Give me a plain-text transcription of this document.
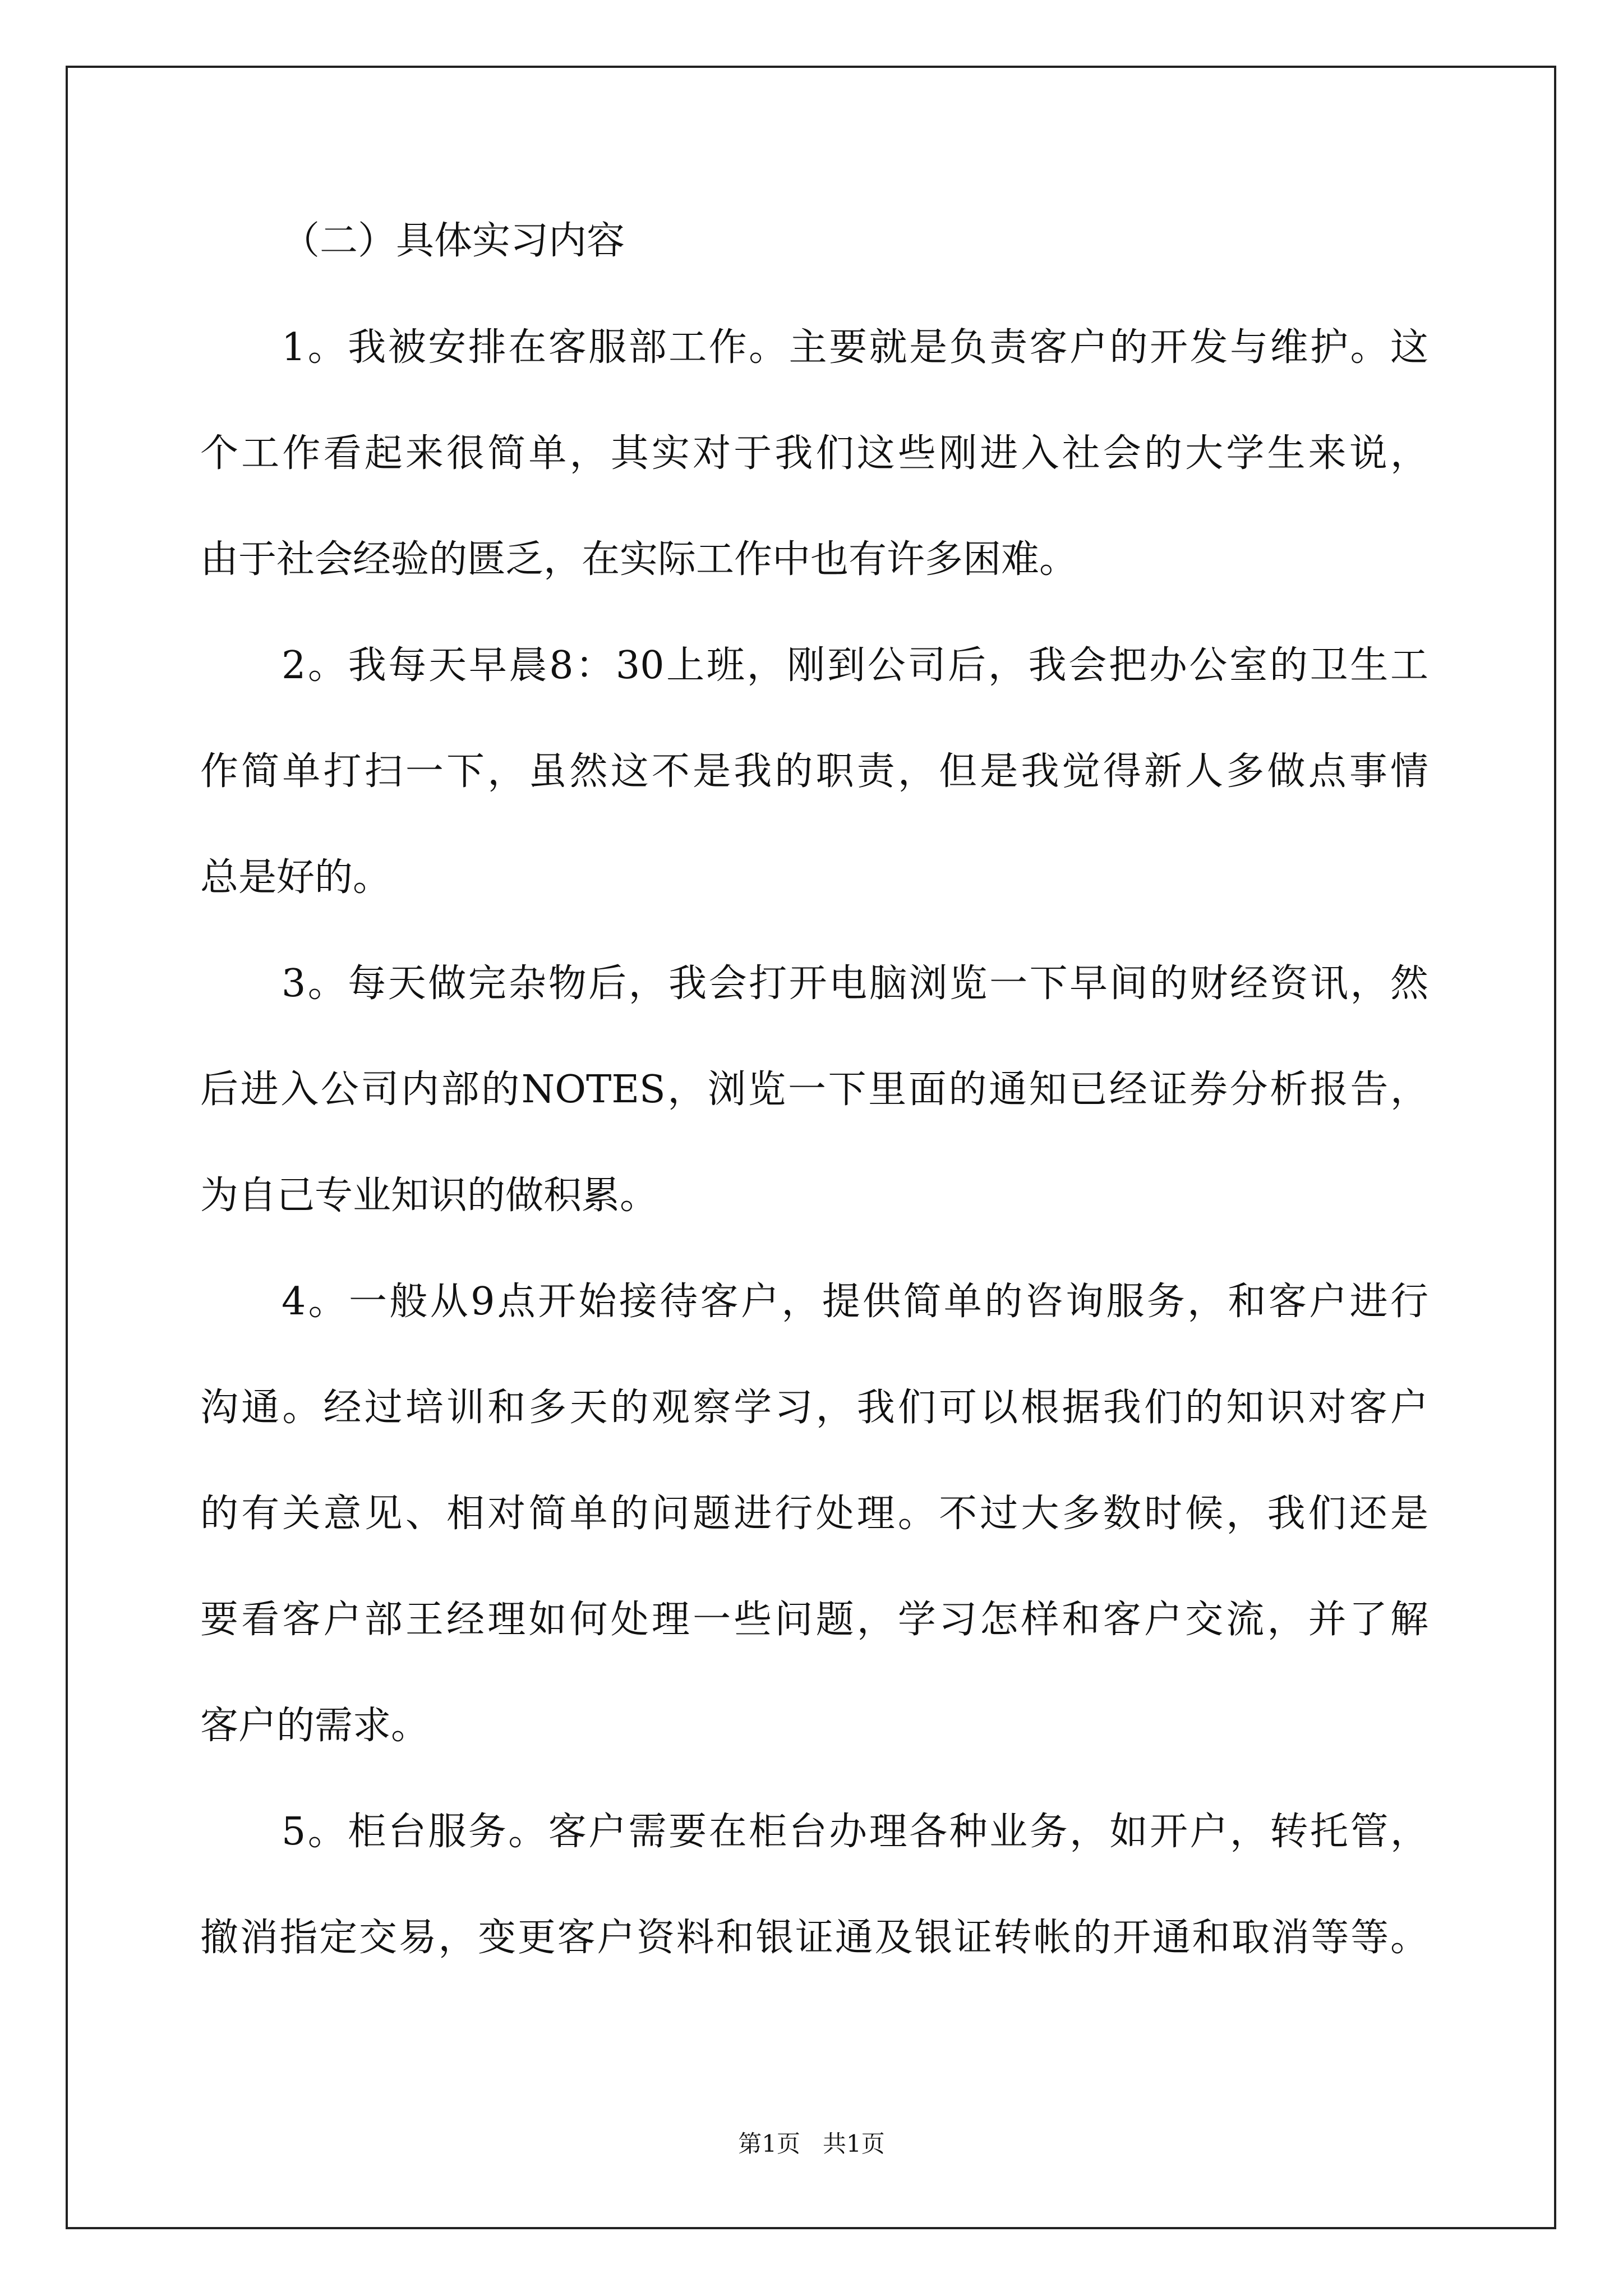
（二）具体实习内容
1。我被安排在客服部工作。主要就是负责客户的开发与维护。这
个工作看起来很简单，其实对于我们这些刚进入社会的大学生来说，
由于社会经验的匮乏，在实际工作中也有许多困难。
2。我每天早晨8：30上班，刚到公司后，我会把办公室的卫生工
作简单打扫一下，虽然这不是我的职责，但是我觉得新人多做点事情
总是好的。
3。每天做完杂物后，我会打开电脑浏览一下早间的财经资讯，然
后进入公司内部的NOTES，浏览一下里面的通知已经证券分析报告，
为自己专业知识的做积累。
4。一般从9点开始接待客户，提供简单的咨询服务，和客户进行
沟通。经过培训和多天的观察学习，我们可以根据我们的知识对客户
的有关意见、相对简单的问题进行处理。不过大多数时候，我们还是
要看客户部王经理如何处理一些问题，学习怎样和客户交流，并了解
客户的需求。
5。柜台服务。客户需要在柜台办理各种业务，如开户，转托管，
撤消指定交易，变更客户资料和银证通及银证转帐的开通和取消等等。
第1页   共1页
